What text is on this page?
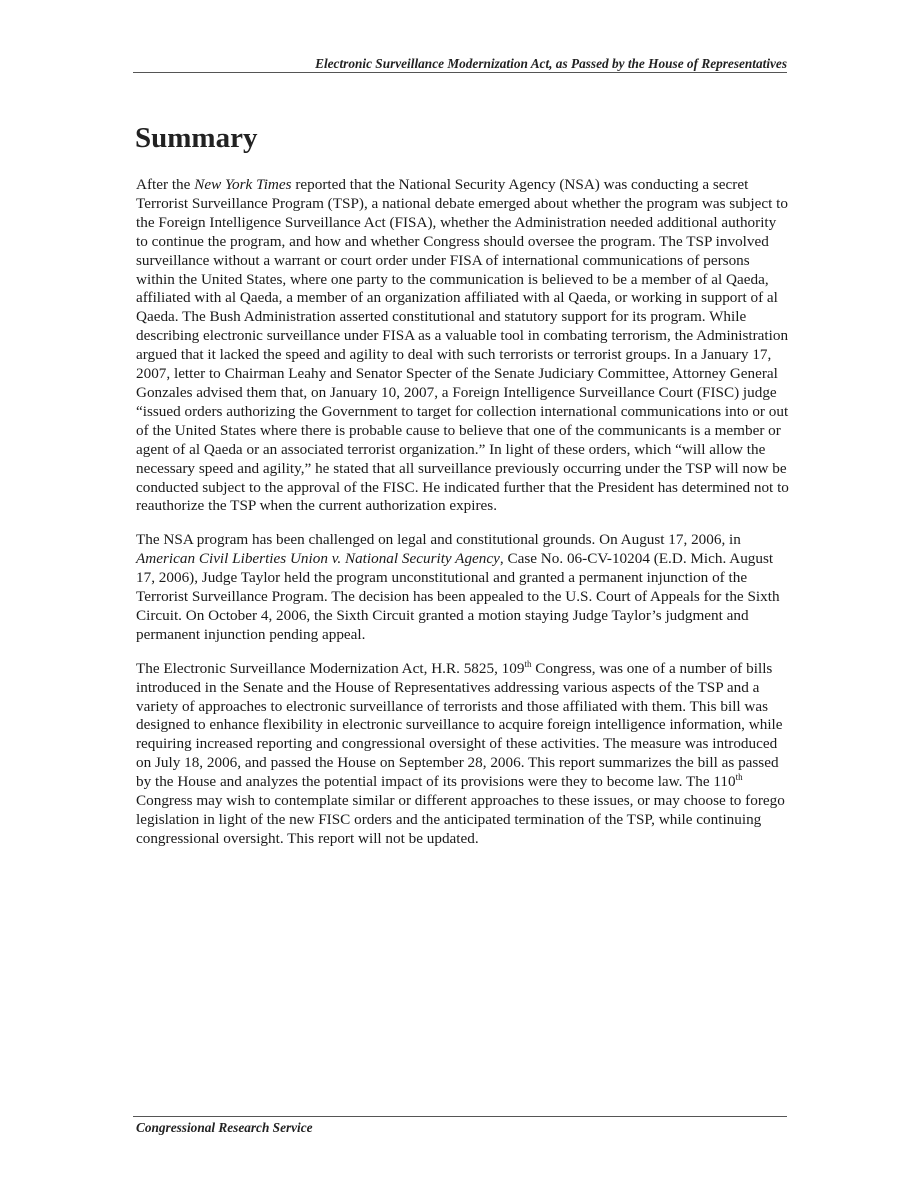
Electronic Surveillance Modernization Act, as Passed by the House of Representatives
Summary

After the New York Times reported that the National Security Agency (NSA) was conducting a secret Terrorist Surveillance Program (TSP), a national debate emerged about whether the program was subject to the Foreign Intelligence Surveillance Act (FISA), whether the Administration needed additional authority to continue the program, and how and whether Congress should oversee the program. The TSP involved surveillance without a warrant or court order under FISA of international communications of persons within the United States, where one party to the communication is believed to be a member of al Qaeda, affiliated with al Qaeda, a member of an organization affiliated with al Qaeda, or working in support of al Qaeda. The Bush Administration asserted constitutional and statutory support for its program. While describing electronic surveillance under FISA as a valuable tool in combating terrorism, the Administration argued that it lacked the speed and agility to deal with such terrorists or terrorist groups. In a January 17, 2007, letter to Chairman Leahy and Senator Specter of the Senate Judiciary Committee, Attorney General Gonzales advised them that, on January 10, 2007, a Foreign Intelligence Surveillance Court (FISC) judge “issued orders authorizing the Government to target for collection international communications into or out of the United States where there is probable cause to believe that one of the communicants is a member or agent of al Qaeda or an associated terrorist organization.” In light of these orders, which “will allow the necessary speed and agility,” he stated that all surveillance previously occurring under the TSP will now be conducted subject to the approval of the FISC. He indicated further that the President has determined not to reauthorize the TSP when the current authorization expires.

The NSA program has been challenged on legal and constitutional grounds. On August 17, 2006, in American Civil Liberties Union v. National Security Agency, Case No. 06-CV-10204 (E.D. Mich. August 17, 2006), Judge Taylor held the program unconstitutional and granted a permanent injunction of the Terrorist Surveillance Program. The decision has been appealed to the U.S. Court of Appeals for the Sixth Circuit. On October 4, 2006, the Sixth Circuit granted a motion staying Judge Taylor’s judgment and permanent injunction pending appeal.

The Electronic Surveillance Modernization Act, H.R. 5825, 109th Congress, was one of a number of bills introduced in the Senate and the House of Representatives addressing various aspects of the TSP and a variety of approaches to electronic surveillance of terrorists and those affiliated with them. This bill was designed to enhance flexibility in electronic surveillance to acquire foreign intelligence information, while requiring increased reporting and congressional oversight of these activities. The measure was introduced on July 18, 2006, and passed the House on September 28, 2006. This report summarizes the bill as passed by the House and analyzes the potential impact of its provisions were they to become law. The 110th Congress may wish to contemplate similar or different approaches to these issues, or may choose to forego legislation in light of the new FISC orders and the anticipated termination of the TSP, while continuing congressional oversight. This report will not be updated.

Congressional Research Service
